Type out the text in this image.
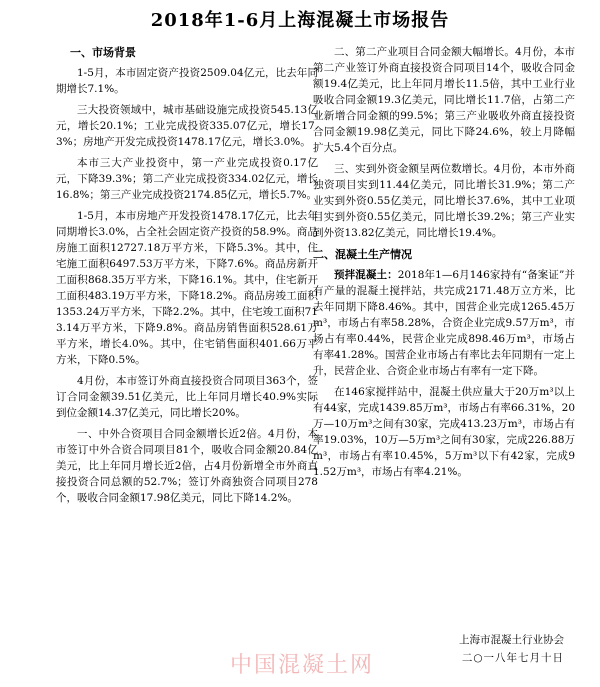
2018年1-6月上海混凝土市场报告
一、市场背景

1-5月，本市固定资产投资2509.04亿元，比去年同期增长7.1%。

三大投资领域中，城市基础设施完成投资545.13亿元，增长20.1%；工业完成投资335.07亿元，增长17.3%；房地产开发完成投资1478.17亿元，增长3.0%。

本市三大产业投资中，第一产业完成投资0.17亿元，下降39.3%；第二产业完成投资334.02亿元，增长16.8%；第三产业完成投资2174.85亿元，增长5.7%。

1-5月，本市房地产开发投资1478.17亿元，比去年同期增长3.0%，占全社会固定资产投资的58.9%。商品房施工面积12727.18万平方米，下降5.3%。其中，住宅施工面积6497.53万平方米，下降7.6%。商品房新开工面积868.35万平方米，下降16.1%。其中，住宅新开工面积483.19万平方米，下降18.2%。商品房竣工面积1353.24万平方米，下降2.2%。其中，住宅竣工面积713.14万平方米，下降9.8%。商品房销售面积528.61万平方米，增长4.0%。其中，住宅销售面积401.66万平方米，下降0.5%。

4月份，本市签订外商直接投资合同项目363个，签订合同金额39.51亿美元，比上年同月增长40.9%实际到位金额14.37亿美元，同比增长20%。

一、中外合资项目合同金额增长近2倍。4月份，本市签订中外合资合同项目81个，吸收合同金额20.84亿美元，比上年同月增长近2倍，占4月份新增全市外商直接投资合同总额的52.7%；签订外商独资合同项目278个，吸收合同金额17.98亿美元，同比下降14.2%。

二、第二产业项目合同金额大幅增长。4月份，本市第二产业签订外商直接投资合同项目14个，吸收合同金额19.4亿美元，比上年同月增长11.5倍，其中工业行业吸收合同金额19.3亿美元，同比增长11.7倍，占第二产业新增合同金额的99.5%；第三产业吸收外商直接投资合同金额19.98亿美元，同比下降24.6%，较上月降幅扩大5.4个百分点。

三、实到外资金额呈两位数增长。4月份，本市外商独资项目实到11.44亿美元，同比增长31.9%；第二产业实到外资0.55亿美元，同比增长37.6%，其中工业项目实到外资0.55亿美元，同比增长39.2%；第三产业实到外资13.82亿美元，同比增长19.4%。

二、混凝土生产情况

预拌混凝土：2018年1—6月146家持有“备案证”并有产量的混凝土搅拌站，共完成2171.48万立方米，比去年同期下降8.46%。其中，国营企业完成1265.45万m³，市场占有率58.28%，合资企业完成9.57万m³，市场占有率0.44%，民营企业完成898.46万m³，市场占有率41.28%。国营企业市场占有率比去年同期有一定上升，民营企业、合资企业市场占有率有一定下降。

在146家搅拌站中，混凝土供应量大于20万m³以上有44家，完成1439.85万m³，市场占有率66.31%，20万—10万m³之间有30家，完成413.23万m³，市场占有率19.03%，10万—5万m³之间有30家，完成226.88万m³，市场占有率10.45%，5万m³以下有42家，完成91.52万m³，市场占有率4.21%。

上海市混凝土行业协会
二○一八年七月十日
中国混凝土网
